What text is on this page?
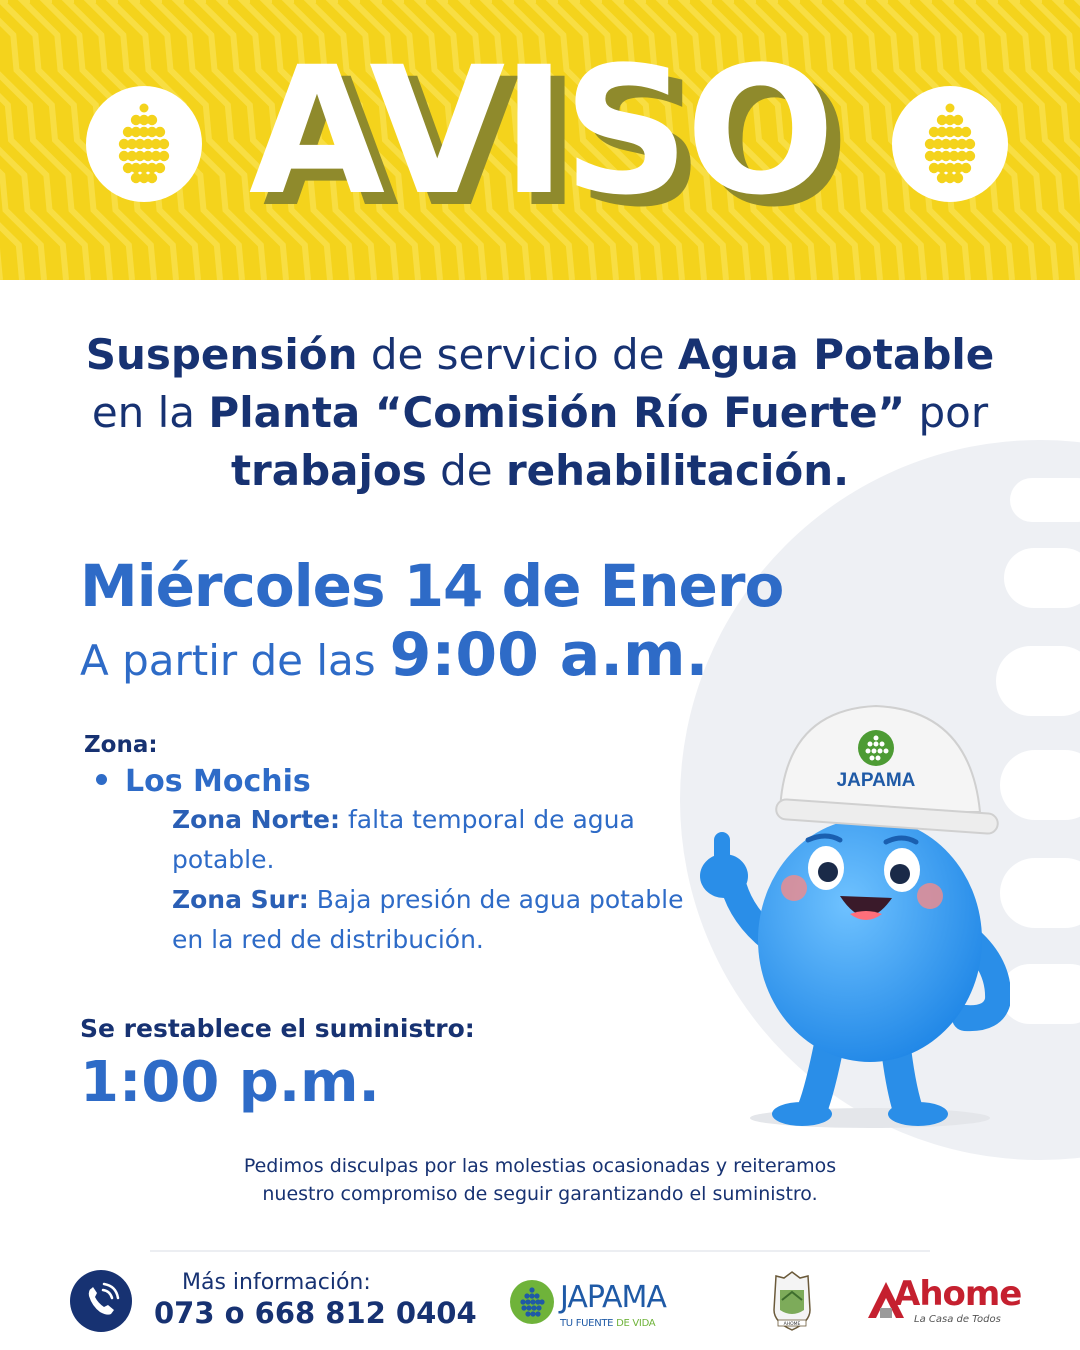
AVISO
Suspensión de servicio de Agua Potable
en la Planta “Comisión Río Fuerte” por
trabajos de rehabilitación.
Miércoles 14 de Enero
A partir de las 9:00 a.m.
Zona:
Los Mochis
Zona Norte: falta temporal de agua potable.
Zona Sur: Baja presión de agua potable en la red de distribución.
Se restablece el suministro:
1:00 p.m.
JAPAMA
Pedimos disculpas por las molestias ocasionadas y reiteramos
nuestro compromiso de seguir garantizando el suministro.
Más información:
073 o 668 812 0404	JAPAMA
TU FUENTE DE VIDA	AHOME
Ahome
La Casa de Todos
